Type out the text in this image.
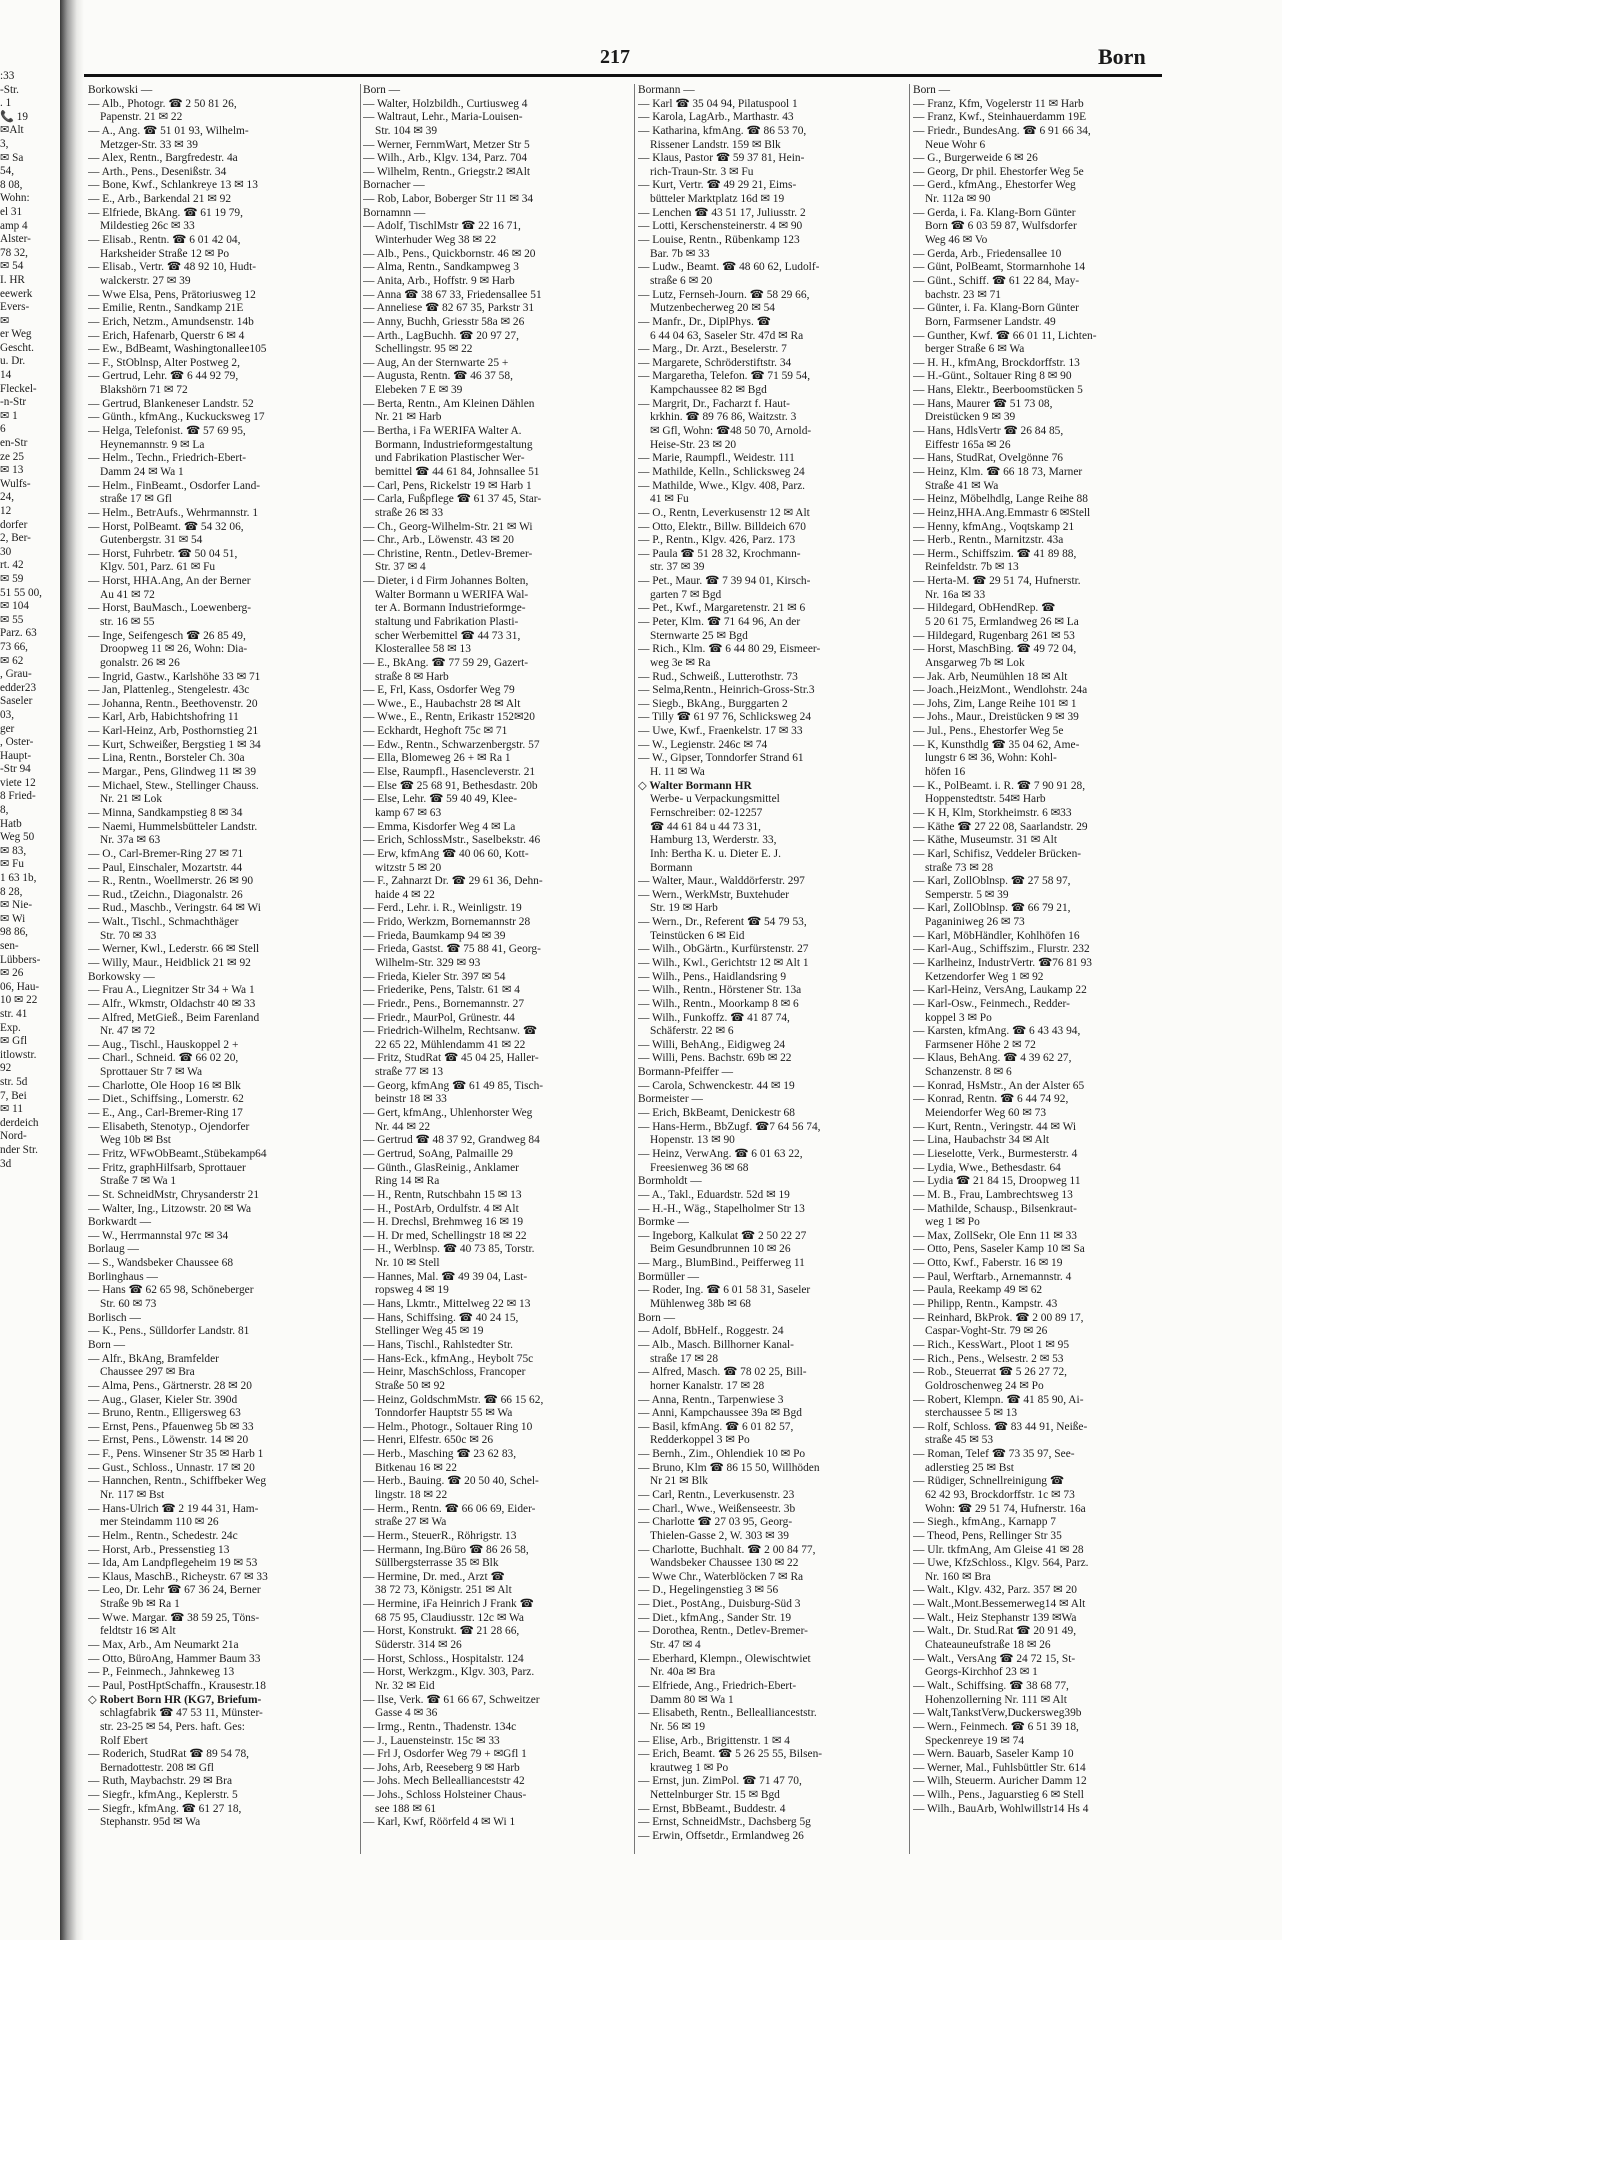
:33
-Str.
. 1
📞 19
✉Alt
3,
✉ Sa
54,
8 08,
Wohn:
el 31
amp 4
Alster-
78 32,
✉ 54
I. HR
eewerk
Evers-
✉
er Weg
Gescht.
u. Dr.
14
Fleckel-
-n-Str
✉ 1
6
en-Str
ze 25
✉ 13
Wulfs-
24,
12
dorfer
2, Ber-
30
rt. 42
✉ 59
51 55 00,
✉ 104
✉ 55
Parz. 63
73 66,
✉ 62
, Grau-
edder23
Saseler
03,
ger
, Oster-
Haupt-
-Str 94
viete 12
8 Fried-
8,
Hatb
Weg 50
✉ 83,
✉ Fu
1 63 1b,
8 28,
✉ Nie-
✉ Wi
98 86,
sen-
Lübbers-
✉ 26
06, Hau-
10 ✉ 22
str. 41
Exp.
✉ Gfl
itlowstr.
92
str. 5d
7, Bei
✉ 11
derdeich
Nord-
nder Str.
3d
217	Born
Borkowski —
— Alb., Photogr. ☎ 2 50 81 26,
Papenstr. 21 ✉ 22
— A., Ang. ☎ 51 01 93, Wilhelm-
Metzger-Str. 33 ✉ 39
— Alex, Rentn., Bargfredestr. 4a
— Arth., Pens., Desenißstr. 34
— Bone, Kwf., Schlankreye 13 ✉ 13
— E., Arb., Barkendal 21 ✉ 92
— Elfriede, BkAng. ☎ 61 19 79,
Mildestieg 26c ✉ 33
— Elisab., Rentn. ☎ 6 01 42 04,
Harksheider Straße 12 ✉ Po
— Elisab., Vertr. ☎ 48 92 10, Hudt-
walckerstr. 27 ✉ 39
— Wwe Elsa, Pens, Prätoriusweg 12
— Emilie, Rentn., Sandkamp 21E
— Erich, Netzm., Amundsenstr. 14b
— Erich, Hafenarb, Querstr 6 ✉ 4
— Ew., BdBeamt, Washingtonallee105
— F., StOblnsp, Alter Postweg 2,
— Gertrud, Lehr. ☎ 6 44 92 79,
Blakshörn 71 ✉ 72
— Gertrud, Blankeneser Landstr. 52
— Günth., kfmAng., Kuckucksweg 17
— Helga, Telefonist. ☎ 57 69 95,
Heynemannstr. 9 ✉ La
— Helm., Techn., Friedrich-Ebert-
Damm 24 ✉ Wa 1
— Helm., FinBeamt., Osdorfer Land-
straße 17 ✉ Gfl
— Helm., BetrAufs., Wehrmannstr. 1
— Horst, PolBeamt. ☎ 54 32 06,
Gutenbergstr. 31 ✉ 54
— Horst, Fuhrbetr. ☎ 50 04 51,
Klgv. 501, Parz. 61 ✉ Fu
— Horst, HHA.Ang, An der Berner
Au 41 ✉ 72
— Horst, BauMasch., Loewenberg-
str. 16 ✉ 55
— Inge, Seifengesch ☎ 26 85 49,
Droopweg 11 ✉ 26, Wohn: Dia-
gonalstr. 26 ✉ 26
— Ingrid, Gastw., Karlshöhe 33 ✉ 71
— Jan, Plattenleg., Stengelestr. 43c
— Johanna, Rentn., Beethovenstr. 20
— Karl, Arb, Habichtshofring 11
— Karl-Heinz, Arb, Posthornstieg 21
— Kurt, Schweißer, Bergstieg 1 ✉ 34
— Lina, Rentn., Borsteler Ch. 30a
— Margar., Pens, Glindweg 11 ✉ 39
— Michael, Stew., Stellinger Chauss.
Nr. 21 ✉ Lok
— Minna, Sandkampstieg 8 ✉ 34
— Naemi, Hummelsbütteler Landstr.
Nr. 37a ✉ 63
— O., Carl-Bremer-Ring 27 ✉ 71
— Paul, Einschaler, Mozartstr. 44
— R., Rentn., Woellmerstr. 26 ✉ 90
— Rud., tZeichn., Diagonalstr. 26
— Rud., Maschb., Veringstr. 64 ✉ Wi
— Walt., Tischl., Schmachthäger
Str. 70 ✉ 33
— Werner, Kwl., Lederstr. 66 ✉ Stell
— Willy, Maur., Heidblick 21 ✉ 92
Borkowsky —
— Frau A., Liegnitzer Str 34 + Wa 1
— Alfr., Wkmstr, Oldachstr 40 ✉ 33
— Alfred, MetGieß., Beim Farenland
Nr. 47 ✉ 72
— Aug., Tischl., Hauskoppel 2 +
— Charl., Schneid. ☎ 66 02 20,
Sprottauer Str 7 ✉ Wa
— Charlotte, Ole Hoop 16 ✉ Blk
— Diet., Schiffsing., Lomerstr. 62
— E., Ang., Carl-Bremer-Ring 17
— Elisabeth, Stenotyp., Ojendorfer
Weg 10b ✉ Bst
— Fritz, WFwObBeamt.,Stübekamp64
— Fritz, graphHilfsarb, Sprottauer
Straße 7 ✉ Wa 1
— St. SchneidMstr, Chrysanderstr 21
— Walter, Ing., Litzowstr. 20 ✉ Wa
Borkwardt —
— W., Herrmannstal 97c ✉ 34
Borlaug —
— S., Wandsbeker Chaussee 68
Borlinghaus —
— Hans ☎ 62 65 98, Schöneberger
Str. 60 ✉ 73
Borlisch —
— K., Pens., Sülldorfer Landstr. 81
Born —
— Alfr., BkAng, Bramfelder
Chaussee 297 ✉ Bra
— Alma, Pens., Gärtnerstr. 28 ✉ 20
— Aug., Glaser, Kieler Str. 390d
— Bruno, Rentn., Elligersweg 63
— Ernst, Pens., Pfauenweg 5b ✉ 33
— Ernst, Pens., Löwenstr. 14 ✉ 20
— F., Pens. Winsener Str 35 ✉ Harb 1
— Gust., Schloss., Unnastr. 17 ✉ 20
— Hannchen, Rentn., Schiffbeker Weg
Nr. 117 ✉ Bst
— Hans-Ulrich ☎ 2 19 44 31, Ham-
mer Steindamm 110 ✉ 26
— Helm., Rentn., Schedestr. 24c
— Horst, Arb., Pressenstieg 13
— Ida, Am Landpflegeheim 19 ✉ 53
— Klaus, MaschB., Richeystr. 67 ✉ 33
— Leo, Dr. Lehr ☎ 67 36 24, Berner
Straße 9b ✉ Ra 1
— Wwe. Margar. ☎ 38 59 25, Töns-
feldtstr 16 ✉ Alt
— Max, Arb., Am Neumarkt 21a
— Otto, BüroAng, Hammer Baum 33
— P., Feinmech., Jahnkeweg 13
— Paul, PostHptSchaffn., Krausestr.18
◇ Robert Born HR (KG7, Briefum-
schlagfabrik ☎ 47 53 11, Münster-
str. 23-25 ✉ 54, Pers. haft. Ges:
Rolf Ebert
— Roderich, StudRat ☎ 89 54 78,
Bernadottestr. 208 ✉ Gfl
— Ruth, Maybachstr. 29 ✉ Bra
— Siegfr., kfmAng., Keplerstr. 5
— Siegfr., kfmAng. ☎ 61 27 18,
Stephanstr. 95d ✉ Wa
Born —
— Walter, Holzbildh., Curtiusweg 4
— Waltraut, Lehr., Maria-Louisen-
Str. 104 ✉ 39
— Werner, FernmWart, Metzer Str 5
— Wilh., Arb., Klgv. 134, Parz. 704
— Wilhelm, Rentn., Griegstr.2 ✉Alt
Bornacher —
— Rob, Labor, Boberger Str 11 ✉ 34
Bornamnn —
— Adolf, TischlMstr ☎ 22 16 71,
Winterhuder Weg 38 ✉ 22
— Alb., Pens., Quickbornstr. 46 ✉ 20
— Alma, Rentn., Sandkampweg 3
— Anita, Arb., Hoffstr. 9 ✉ Harb
— Anna ☎ 38 67 33, Friedensallee 51
— Anneliese ☎ 82 67 35, Parkstr 31
— Anny, Buchh, Griesstr 58a ✉ 26
— Arth., LagBuchh. ☎ 20 97 27,
Schellingstr. 95 ✉ 22
— Aug, An der Sternwarte 25 +
— Augusta, Rentn. ☎ 46 37 58,
Elebeken 7 E ✉ 39
— Berta, Rentn., Am Kleinen Dählen
Nr. 21 ✉ Harb
— Bertha, i Fa WERIFA Walter A.
Bormann, Industrieformgestaltung
und Fabrikation Plastischer Wer-
bemittel ☎ 44 61 84, Johnsallee 51
— Carl, Pens, Rickelstr 19 ✉ Harb 1
— Carla, Fußpflege ☎ 61 37 45, Star-
straße 26 ✉ 33
— Ch., Georg-Wilhelm-Str. 21 ✉ Wi
— Chr., Arb., Löwenstr. 43 ✉ 20
— Christine, Rentn., Detlev-Bremer-
Str. 37 ✉ 4
— Dieter, i d Firm Johannes Bolten,
Walter Bormann u WERIFA Wal-
ter A. Bormann Industrieformge-
staltung und Fabrikation Plasti-
scher Werbemittel ☎ 44 73 31,
Klosterallee 58 ✉ 13
— E., BkAng. ☎ 77 59 29, Gazert-
straße 8 ✉ Harb
— E, Frl, Kass, Osdorfer Weg 79
— Wwe., E., Haubachstr 28 ✉ Alt
— Wwe., E., Rentn, Erikastr 152✉20
— Eckhardt, Heghoft 75c ✉ 71
— Edw., Rentn., Schwarzenbergstr. 57
— Ella, Blomeweg 26 + ✉ Ra 1
— Else, Raumpfl., Hasencleverstr. 21
— Else ☎ 25 68 91, Bethesdastr. 20b
— Else, Lehr. ☎ 59 40 49, Klee-
kamp 67 ✉ 63
— Emma, Kisdorfer Weg 4 ✉ La
— Erich, SchlossMstr., Saselbekstr. 46
— Erw, kfmAng ☎ 40 06 60, Kott-
witzstr 5 ✉ 20
— F., Zahnarzt Dr. ☎ 29 61 36, Dehn-
haide 4 ✉ 22
— Ferd., Lehr. i. R., Weinligstr. 19
— Frido, Werkzm, Bornemannstr 28
— Frieda, Baumkamp 94 ✉ 39
— Frieda, Gastst. ☎ 75 88 41, Georg-
Wilhelm-Str. 329 ✉ 93
— Frieda, Kieler Str. 397 ✉ 54
— Friederike, Pens, Talstr. 61 ✉ 4
— Friedr., Pens., Bornemannstr. 27
— Friedr., MaurPol, Grünestr. 44
— Friedrich-Wilhelm, Rechtsanw. ☎
22 65 22, Mühlendamm 41 ✉ 22
— Fritz, StudRat ☎ 45 04 25, Haller-
straße 77 ✉ 13
— Georg, kfmAng ☎ 61 49 85, Tisch-
beinstr 18 ✉ 33
— Gert, kfmAng., Uhlenhorster Weg
Nr. 44 ✉ 22
— Gertrud ☎ 48 37 92, Grandweg 84
— Gertrud, SoAng, Palmaille 29
— Günth., GlasReinig., Anklamer
Ring 14 ✉ Ra
— H., Rentn, Rutschbahn 15 ✉ 13
— H., PostArb, Ordulfstr. 4 ✉ Alt
— H. Drechsl, Brehmweg 16 ✉ 19
— H. Dr med, Schellingstr 18 ✉ 22
— H., Werblnsp. ☎ 40 73 85, Torstr.
Nr. 10 ✉ Stell
— Hannes, Mal. ☎ 49 39 04, Last-
ropsweg 4 ✉ 19
— Hans, Lkmtr., Mittelweg 22 ✉ 13
— Hans, Schiffsing. ☎ 40 24 15,
Stellinger Weg 45 ✉ 19
— Hans, Tischl., Rahlstedter Str.
— Hans-Eck., kfmAng., Heybolt 75c
— Heinr, MaschSchloss, Francoper
Straße 50 ✉ 92
— Heinz, GoldschmMstr. ☎ 66 15 62,
Tonndorfer Hauptstr 55 ✉ Wa
— Helm., Photogr., Soltauer Ring 10
— Henri, Elfestr. 650c ✉ 26
— Herb., Masching ☎ 23 62 83,
Bitkenau 16 ✉ 22
— Herb., Bauing. ☎ 20 50 40, Schel-
lingstr. 18 ✉ 22
— Herm., Rentn. ☎ 66 06 69, Eider-
straße 27 ✉ Wa
— Herm., SteuerR., Röhrigstr. 13
— Hermann, Ing.Büro ☎ 86 26 58,
Süllbergsterrasse 35 ✉ Blk
— Hermine, Dr. med., Arzt ☎
38 72 73, Königstr. 251 ✉ Alt
— Hermine, iFa Heinrich J Frank ☎
68 75 95, Claudiusstr. 12c ✉ Wa
— Horst, Konstrukt. ☎ 21 28 66,
Süderstr. 314 ✉ 26
— Horst, Schloss., Hospitalstr. 124
— Horst, Werkzgm., Klgv. 303, Parz.
Nr. 32 ✉ Eid
— Ilse, Verk. ☎ 61 66 67, Schweitzer
Gasse 4 ✉ 36
— Irmg., Rentn., Thadenstr. 134c
— J., Lauensteinstr. 15c ✉ 33
— Frl J, Osdorfer Weg 79 + ✉Gfl 1
— Johs, Arb, Reeseberg 9 ✉ Harb
— Johs. Mech Belleallianceststr 42
— Johs., Schloss Holsteiner Chaus-
see 188 ✉ 61
— Karl, Kwf, Röörfeld 4 ✉ Wi 1
Bormann —
— Karl ☎ 35 04 94, Pilatuspool 1
— Karola, LagArb., Marthastr. 43
— Katharina, kfmAng. ☎ 86 53 70,
Rissener Landstr. 159 ✉ Blk
— Klaus, Pastor ☎ 59 37 81, Hein-
rich-Traun-Str. 3 ✉ Fu
— Kurt, Vertr. ☎ 49 29 21, Eims-
bütteler Marktplatz 16d ✉ 19
— Lenchen ☎ 43 51 17, Juliusstr. 2
— Lotti, Kerschensteinerstr. 4 ✉ 90
— Louise, Rentn., Rübenkamp 123
Bar. 7b ✉ 33
— Ludw., Beamt. ☎ 48 60 62, Ludolf-
straße 6 ✉ 20
— Lutz, Fernseh-Journ. ☎ 58 29 66,
Mutzenbecherweg 20 ✉ 54
— Manfr., Dr., DiplPhys. ☎
6 44 04 63, Saseler Str. 47d ✉ Ra
— Marg., Dr. Arzt., Beselerstr. 7
— Margarete, Schröderstiftstr. 34
— Margaretha, Telefon. ☎ 71 59 54,
Kampchaussee 82 ✉ Bgd
— Margrit, Dr., Facharzt f. Haut-
krkhin. ☎ 89 76 86, Waitzstr. 3
✉ Gfl, Wohn: ☎48 50 70, Arnold-
Heise-Str. 23 ✉ 20
— Marie, Raumpfl., Weidestr. 111
— Mathilde, Kelln., Schlicksweg 24
— Mathilde, Wwe., Klgv. 408, Parz.
41 ✉ Fu
— O., Rentn, Leverkusenstr 12 ✉ Alt
— Otto, Elektr., Billw. Billdeich 670
— P., Rentn., Klgv. 426, Parz. 173
— Paula ☎ 51 28 32, Krochmann-
str. 37 ✉ 39
— Pet., Maur. ☎ 7 39 94 01, Kirsch-
garten 7 ✉ Bgd
— Pet., Kwf., Margaretenstr. 21 ✉ 6
— Peter, Klm. ☎ 71 64 96, An der
Sternwarte 25 ✉ Bgd
— Rich., Klm. ☎ 6 44 80 29, Eismeer-
weg 3e ✉ Ra
— Rud., Schweiß., Lutterothstr. 73
— Selma,Rentn., Heinrich-Gross-Str.3
— Siegb., BkAng., Burggarten 2
— Tilly ☎ 61 97 76, Schlicksweg 24
— Uwe, Kwf., Fraenkelstr. 17 ✉ 33
— W., Legienstr. 246c ✉ 74
— W., Gipser, Tonndorfer Strand 61
H. 11 ✉ Wa
◇ Walter Bormann HR
Werbe- u Verpackungsmittel
Fernschreiber: 02-12257
☎ 44 61 84 u 44 73 31,
Hamburg 13, Werderstr. 33,
Inh: Bertha K. u. Dieter E. J.
Bormann
— Walter, Maur., Walddörferstr. 297
— Wern., WerkMstr, Buxtehuder
Str. 19 ✉ Harb
— Wern., Dr., Referent ☎ 54 79 53,
Teinstücken 6 ✉ Eid
— Wilh., ObGärtn., Kurfürstenstr. 27
— Wilh., Kwl., Gerichtstr 12 ✉ Alt 1
— Wilh., Pens., Haidlandsring 9
— Wilh., Rentn., Hörstener Str. 13a
— Wilh., Rentn., Moorkamp 8 ✉ 6
— Wilh., Funkoffz. ☎ 41 87 74,
Schäferstr. 22 ✉ 6
— Willi, BehAng., Eidigweg 24
— Willi, Pens. Bachstr. 69b ✉ 22
Bormann-Pfeiffer —
— Carola, Schwenckestr. 44 ✉ 19
Bormeister —
— Erich, BkBeamt, Denickestr 68
— Hans-Herm., BbZugf. ☎7 64 56 74,
Hopenstr. 13 ✉ 90
— Heinz, VerwAng. ☎ 6 01 63 22,
Freesienweg 36 ✉ 68
Bormholdt —
— A., Takl., Eduardstr. 52d ✉ 19
— H.-H., Wäg., Stapelholmer Str 13
Bormke —
— Ingeborg, Kalkulat ☎ 2 50 22 27
Beim Gesundbrunnen 10 ✉ 26
— Marg., BlumBind., Peifferweg 11
Bormüller —
— Roder, Ing. ☎ 6 01 58 31, Saseler
Mühlenweg 38b ✉ 68
Born —
— Adolf, BbHelf., Roggestr. 24
— Alb., Masch. Billhorner Kanal-
straße 17 ✉ 28
— Alfred, Masch. ☎ 78 02 25, Bill-
horner Kanalstr. 17 ✉ 28
— Anna, Rentn., Tarpenwiese 3
— Anni, Kampchaussee 39a ✉ Bgd
— Basil, kfmAng. ☎ 6 01 82 57,
Redderkoppel 3 ✉ Po
— Bernh., Zim., Ohlendiek 10 ✉ Po
— Bruno, Klm ☎ 86 15 50, Willhöden
Nr 21 ✉ Blk
— Carl, Rentn., Leverkusenstr. 23
— Charl., Wwe., Weißenseestr. 3b
— Charlotte ☎ 27 03 95, Georg-
Thielen-Gasse 2, W. 303 ✉ 39
— Charlotte, Buchhalt. ☎ 2 00 84 77,
Wandsbeker Chaussee 130 ✉ 22
— Wwe Chr., Waterblöcken 7 ✉ Ra
— D., Hegelingenstieg 3 ✉ 56
— Diet., PostAng., Duisburg-Süd 3
— Diet., kfmAng., Sander Str. 19
— Dorothea, Rentn., Detlev-Bremer-
Str. 47 ✉ 4
— Eberhard, Klempn., Olewischtwiet
Nr. 40a ✉ Bra
— Elfriede, Ang., Friedrich-Ebert-
Damm 80 ✉ Wa 1
— Elisabeth, Rentn., Belleallianceststr.
Nr. 56 ✉ 19
— Elise, Arb., Brigittenstr. 1 ✉ 4
— Erich, Beamt. ☎ 5 26 25 55, Bilsen-
krautweg 1 ✉ Po
— Ernst, jun. ZimPol. ☎ 71 47 70,
Nettelnburger Str. 15 ✉ Bgd
— Ernst, BbBeamt., Buddestr. 4
— Ernst, SchneidMstr., Dachsberg 5g
— Erwin, Offsetdr., Ermlandweg 26
Born —
— Franz, Kfm, Vogelerstr 11 ✉ Harb
— Franz, Kwf., Steinhauerdamm 19E
— Friedr., BundesAng. ☎ 6 91 66 34,
Neue Wohr 6
— G., Burgerweide 6 ✉ 26
— Georg, Dr phil. Ehestorfer Weg 5e
— Gerd., kfmAng., Ehestorfer Weg
Nr. 112a ✉ 90
— Gerda, i. Fa. Klang-Born Günter
Born ☎ 6 03 59 87, Wulfsdorfer
Weg 46 ✉ Vo
— Gerda, Arb., Friedensallee 10
— Günt, PolBeamt, Stormarnhohe 14
— Günt., Schiff. ☎ 61 22 84, May-
bachstr. 23 ✉ 71
— Günter, i. Fa. Klang-Born Günter
Born, Farmsener Landstr. 49
— Gunther, Kwf. ☎ 66 01 11, Lichten-
berger Straße 6 ✉ Wa
— H. H., kfmAng, Brockdorffstr. 13
— H.-Günt., Soltauer Ring 8 ✉ 90
— Hans, Elektr., Beerboomstücken 5
— Hans, Maurer ☎ 51 73 08,
Dreistücken 9 ✉ 39
— Hans, HdlsVertr ☎ 26 84 85,
Eiffestr 165a ✉ 26
— Hans, StudRat, Ovelgönne 76
— Heinz, Klm. ☎ 66 18 73, Marner
Straße 41 ✉ Wa
— Heinz, Möbelhdlg, Lange Reihe 88
— Heinz,HHA.Ang.Emmastr 6 ✉Stell
— Henny, kfmAng., Voqtskamp 21
— Herb., Rentn., Marnitzstr. 43a
— Herm., Schiffszim. ☎ 41 89 88,
Reinfeldstr. 7b ✉ 13
— Herta-M. ☎ 29 51 74, Hufnerstr.
Nr. 16a ✉ 33
— Hildegard, ObHendRep. ☎
5 20 61 75, Ermlandweg 26 ✉ La
— Hildegard, Rugenbarg 261 ✉ 53
— Horst, MaschBing. ☎ 49 72 04,
Ansgarweg 7b ✉ Lok
— Jak. Arb, Neumühlen 18 ✉ Alt
— Joach.,HeizMont., Wendlohstr. 24a
— Johs, Zim, Lange Reihe 101 ✉ 1
— Johs., Maur., Dreistücken 9 ✉ 39
— Jul., Pens., Ehestorfer Weg 5e
— K, Kunsthdlg ☎ 35 04 62, Ame-
lungstr 6 ✉ 36, Wohn: Kohl-
höfen 16
— K., PolBeamt. i. R. ☎ 7 90 91 28,
Hoppenstedtstr. 54✉ Harb
— K H, Klm, Storkheimstr. 6 ✉33
— Käthe ☎ 27 22 08, Saarlandstr. 29
— Käthe, Museumstr. 31 ✉ Alt
— Karl, Schifisz, Veddeler Brücken-
straße 73 ✉ 28
— Karl, ZollOblnsp. ☎ 27 58 97,
Semperstr. 5 ✉ 39
— Karl, ZollOblnsp. ☎ 66 79 21,
Paganiniweg 26 ✉ 73
— Karl, MöbHändler, Kohlhöfen 16
— Karl-Aug., Schiffszim., Flurstr. 232
— Karlheinz, IndustrVertr. ☎76 81 93
Ketzendorfer Weg 1 ✉ 92
— Karl-Heinz, VersAng, Laukamp 22
— Karl-Osw., Feinmech., Redder-
koppel 3 ✉ Po
— Karsten, kfmAng. ☎ 6 43 43 94,
Farmsener Höhe 2 ✉ 72
— Klaus, BehAng. ☎ 4 39 62 27,
Schanzenstr. 8 ✉ 6
— Konrad, HsMstr., An der Alster 65
— Konrad, Rentn. ☎ 6 44 74 92,
Meiendorfer Weg 60 ✉ 73
— Kurt, Rentn., Veringstr. 44 ✉ Wi
— Lina, Haubachstr 34 ✉ Alt
— Lieselotte, Verk., Burmesterstr. 4
— Lydia, Wwe., Bethesdastr. 64
— Lydia ☎ 21 84 15, Droopweg 11
— M. B., Frau, Lambrechtsweg 13
— Mathilde, Schausp., Bilsenkraut-
weg 1 ✉ Po
— Max, ZollSekr, Ole Enn 11 ✉ 33
— Otto, Pens, Saseler Kamp 10 ✉ Sa
— Otto, Kwf., Faberstr. 16 ✉ 19
— Paul, Werftarb., Arnemannstr. 4
— Paula, Reekamp 49 ✉ 62
— Philipp, Rentn., Kampstr. 43
— Reinhard, BkProk. ☎ 2 00 89 17,
Caspar-Voght-Str. 79 ✉ 26
— Rich., KessWart., Ploot 1 ✉ 95
— Rich., Pens., Welsestr. 2 ✉ 53
— Rob., Steuerrat ☎ 5 26 27 72,
Goldroschenweg 24 ✉ Po
— Robert, Klempn. ☎ 41 85 90, Ai-
sterchaussee 5 ✉ 13
— Rolf, Schloss. ☎ 83 44 91, Neiße-
straße 45 ✉ 53
— Roman, Telef ☎ 73 35 97, See-
adlerstieg 25 ✉ Bst
— Rüdiger, Schnellreinigung ☎
62 42 93, Brockdorffstr. 1c ✉ 73
Wohn: ☎ 29 51 74, Hufnerstr. 16a
— Siegh., kfmAng., Karnapp 7
— Theod, Pens, Rellinger Str 35
— Ulr. tkfmAng, Am Gleise 41 ✉ 28
— Uwe, KfzSchloss., Klgv. 564, Parz.
Nr. 160 ✉ Bra
— Walt., Klgv. 432, Parz. 357 ✉ 20
— Walt.,Mont.Bessemerweg14 ✉ Alt
— Walt., Heiz Stephanstr 139 ✉Wa
— Walt., Dr. Stud.Rat ☎ 20 91 49,
Chateauneufstraße 18 ✉ 26
— Walt., VersAng ☎ 24 72 15, St-
Georgs-Kirchhof 23 ✉ 1
— Walt., Schiffsing. ☎ 38 68 77,
Hohenzollerning Nr. 111 ✉ Alt
— Walt,TankstVerw,Duckersweg39b
— Wern., Feinmech. ☎ 6 51 39 18,
Speckenreye 19 ✉ 74
— Wern. Bauarb, Saseler Kamp 10
— Werner, Mal., Fuhlsbüttler Str. 614
— Wilh, Steuerm. Auricher Damm 12
— Wilh., Pens., Jaguarstieg 6 ✉ Stell
— Wilh., BauArb, Wohlwillstr14 Hs 4
